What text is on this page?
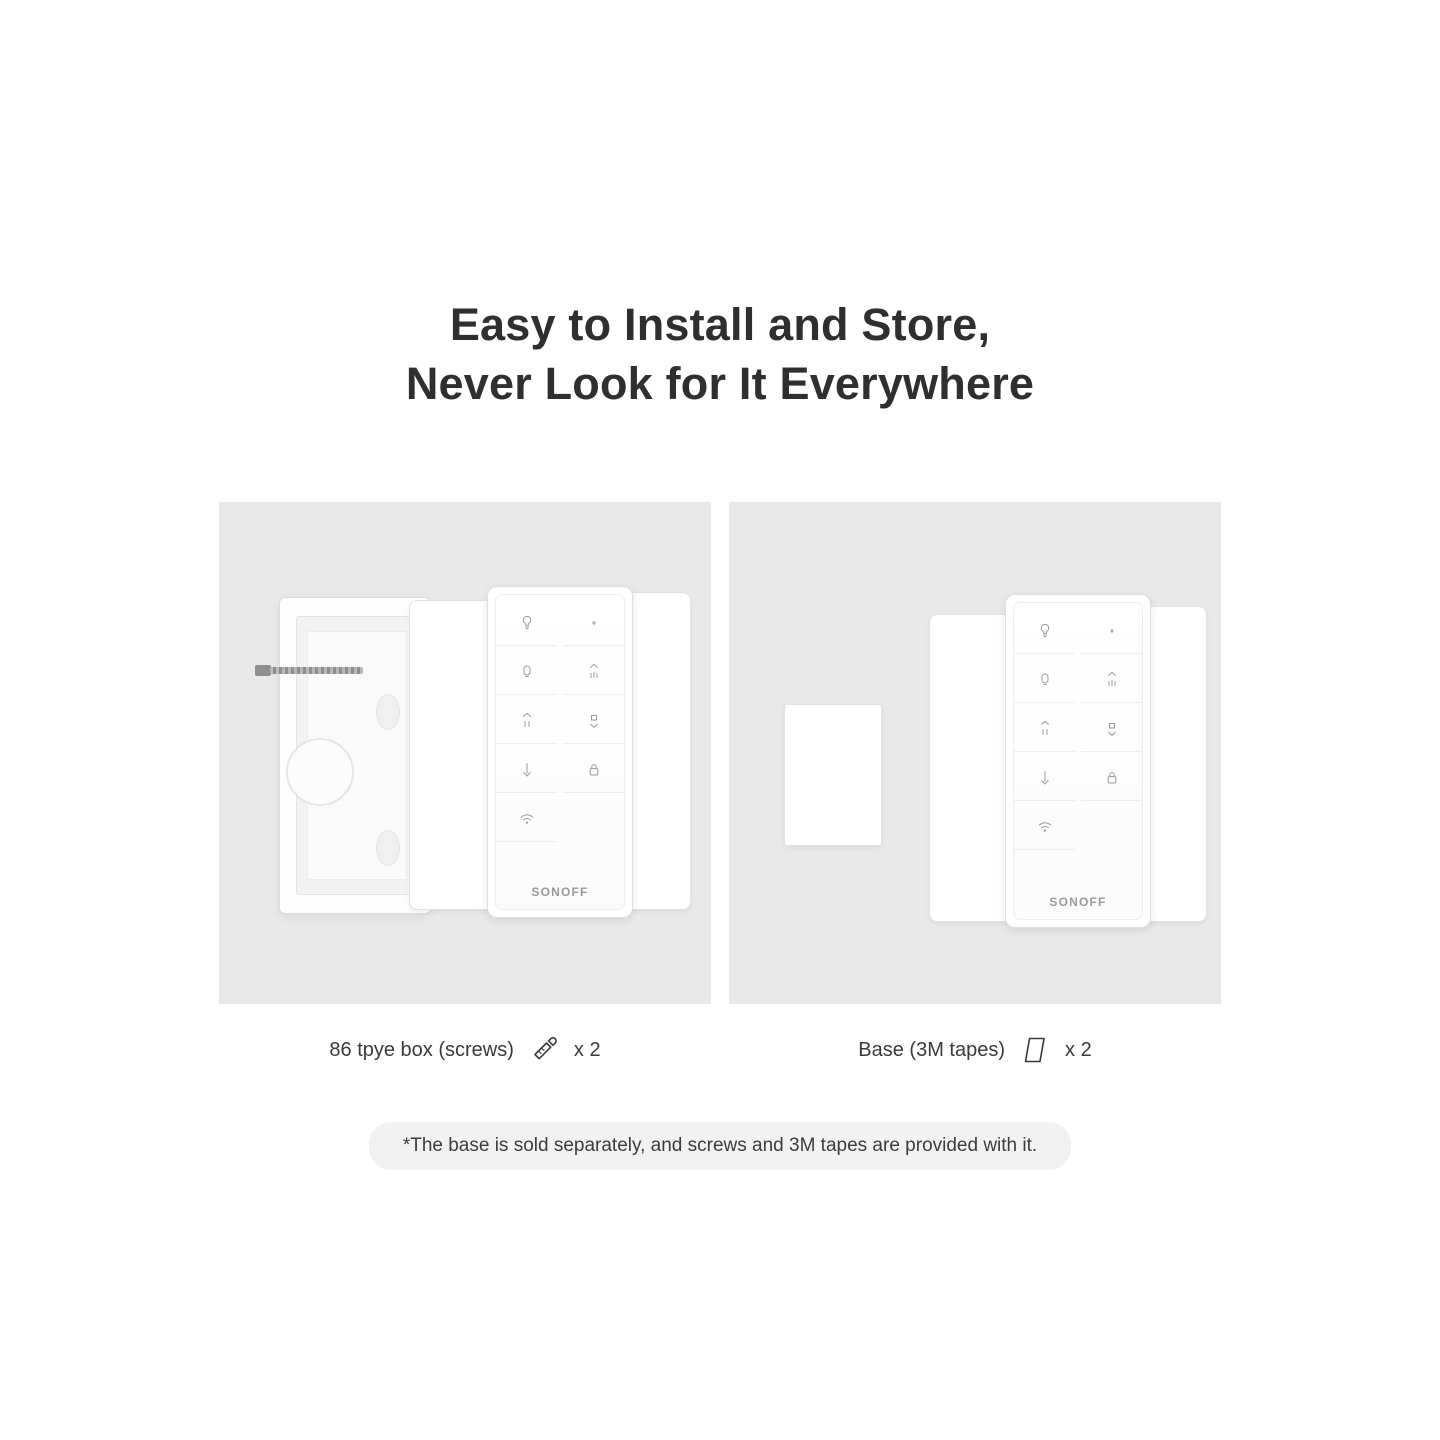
Easy to Install and Store,
Never Look for It Everywhere
SONOFF
86 tpye box (screws)	x 2
SONOFF
Base (3M tapes)	x 2
*The base is sold separately, and screws and 3M tapes are provided with it.
